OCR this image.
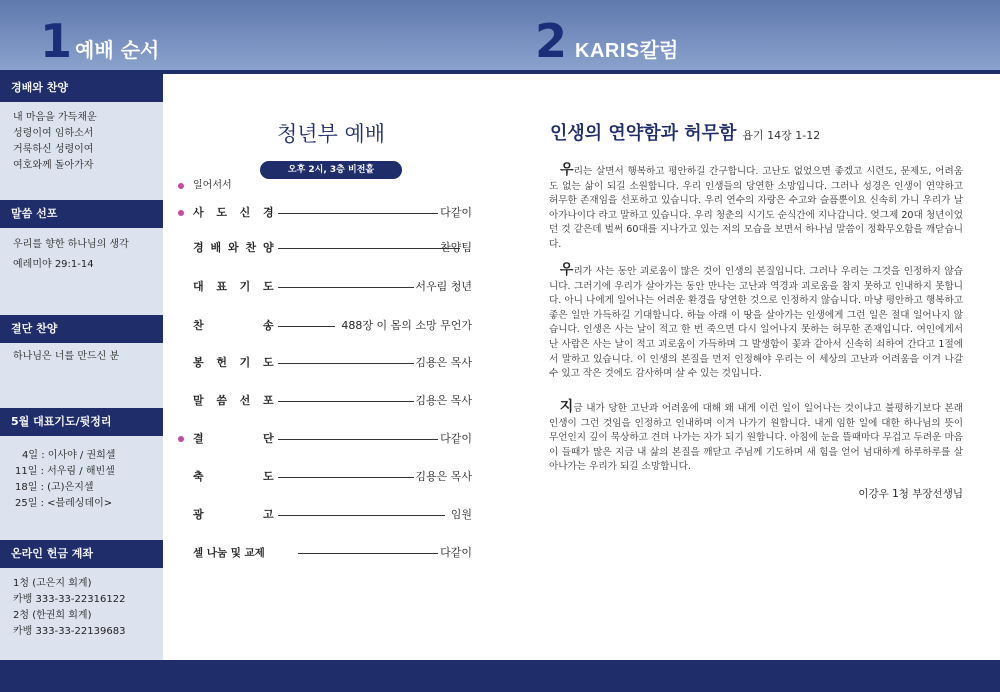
1 예배 순서	2 KARIS칼럼
경배와 찬양
내 마음을 가득채운
성령이여 임하소서
거룩하신 성령이여
여호와께 돌아가자
말씀 선포
우리를 향한 하나님의 생각
예레미야 29:1-14
결단 찬양
하나님은 너를 만드신 분
5월 대표기도/뒷정리
4일 : 이사야 / 권희셀
11일 : 서우림 / 해빈셀
18일 : (고)은지셀
25일 : <블레싱데이>
온라인 헌금 계좌
1청 (고은지 회계)
카뱅 333-33-22316122
2청 (한권희 회계)
카뱅 333-33-22139683
청년부 예배
오후 2시, 3층 비전홀
일어서서
사 도 신 경	다같이
경 배 와 찬 양	찬양팀
대 표 기 도	서우림 청년
찬	송	488장 이 몸의 소망 무언가
봉 헌 기 도	김용은 목사
말 씀 선 포	김용은 목사
결	단	다같이
축	도	김용은 목사
광	고	임원
셀 나눔 및 교제	다같이
인생의 연약함과 허무함 욥기 14장 1-12
우리는 살면서 행복하고 평안하길 간구합니다. 고난도 없었으면 좋겠고 시련도, 문제도, 어려움도 없는 삶이 되길 소원합니다. 우리 인생들의 당연한 소망입니다. 그러나 성경은 인생이 연약하고 허무한 존재임을 선포하고 있습니다. 우리 연수의 자랑은 수고와 슬픔뿐이요 신속히 가니 우리가 날아가나이다 라고 말하고 있습니다. 우리 청춘의 시기도 순식간에 지나갑니다. 엊그제 20대 청년이었던 것 같은데 벌써 60대를 지나가고 있는 저의 모습을 보면서 하나님 말씀이 정확무오함을 깨닫습니다.
우리가 사는 동안 괴로움이 많은 것이 인생의 본질입니다. 그러나 우리는 그것을 인정하지 않습니다. 그러기에 우리가 살아가는 동안 만나는 고난과 역경과 괴로움을 참지 못하고 인내하지 못합니다. 아니 나에게 일어나는 어려운 환경을 당연한 것으로 인정하지 않습니다. 마냥 평안하고 행복하고 좋은 일만 가득하길 기대합니다. 하늘 아래 이 땅을 살아가는 인생에게 그런 일은 절대 일어나지 않습니다. 인생은 사는 날이 적고 한 번 죽으면 다시 일어나지 못하는 허무한 존재입니다. 여인에게서 난 사람은 사는 날이 적고 괴로움이 가득하며 그 발생함이 꽃과 같아서 신속히 쇠하여 간다고 1절에서 말하고 있습니다. 이 인생의 본질을 먼저 인정해야 우리는 이 세상의 고난과 어려움을 이겨 나갈 수 있고 작은 것에도 감사하며 살 수 있는 것입니다.
지금 내가 당한 고난과 어려움에 대해 왜 내게 이런 일이 일어나는 것이냐고 불평하기보다 본래 인생이 그런 것임을 인정하고 인내하며 이겨 나가기 원합니다. 내게 임한 일에 대한 하나님의 뜻이 무언인지 깊이 묵상하고 견뎌 나가는 자가 되기 원합니다. 아침에 눈을 뜰때마다 무겁고 두려운 마음이 들때가 많은 지금 내 삶의 본질을 깨닫고 주님께 기도하며 새 힘을 얻어 넘대하게 하루하루를 살아나가는 우리가 되길 소망합니다.
이강우 1청 부장선생님
